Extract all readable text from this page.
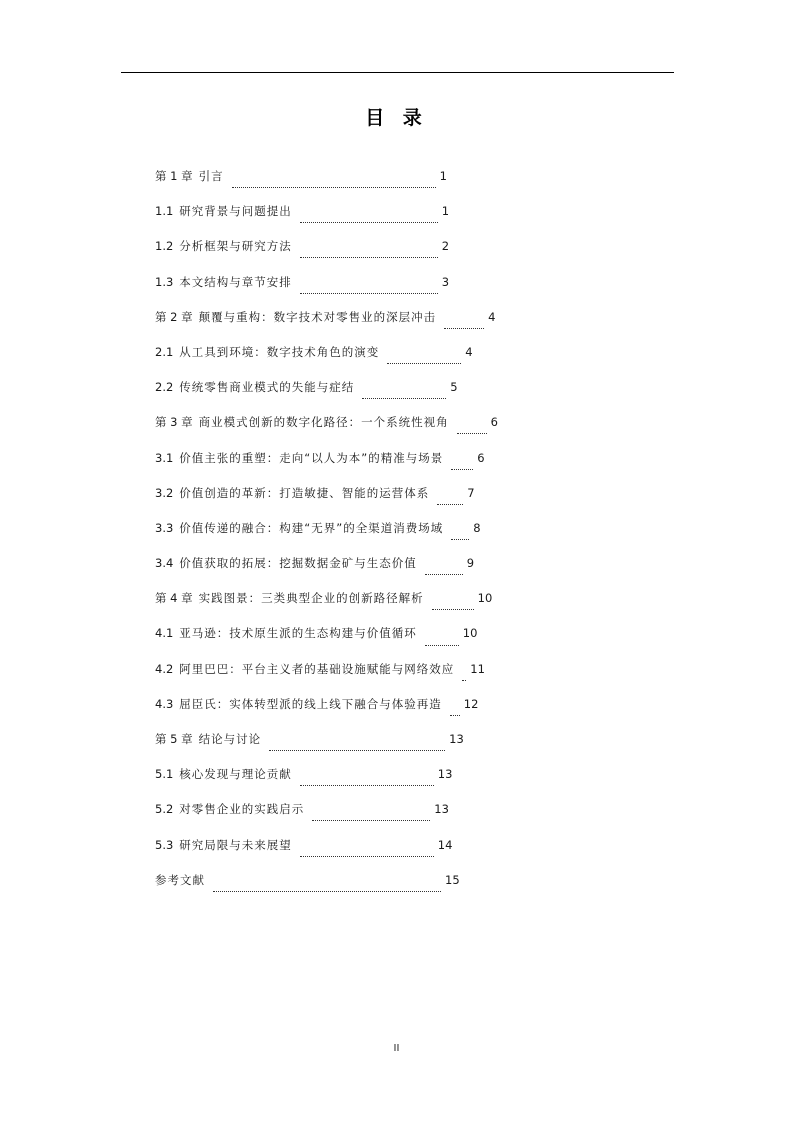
目 录
第 1 章 引言	1
1.1 研究背景与问题提出	1
1.2 分析框架与研究方法	2
1.3 本文结构与章节安排	3
第 2 章 颠覆与重构：数字技术对零售业的深层冲击	4
2.1 从工具到环境：数字技术角色的演变	4
2.2 传统零售商业模式的失能与症结	5
第 3 章 商业模式创新的数字化路径：一个系统性视角	6
3.1 价值主张的重塑：走向“以人为本”的精准与场景	6
3.2 价值创造的革新：打造敏捷、智能的运营体系	7
3.3 价值传递的融合：构建“无界”的全渠道消费场域	8
3.4 价值获取的拓展：挖掘数据金矿与生态价值	9
第 4 章 实践图景：三类典型企业的创新路径解析	10
4.1 亚马逊：技术原生派的生态构建与价值循环	10
4.2 阿里巴巴：平台主义者的基础设施赋能与网络效应 11
4.3 屈臣氏：实体转型派的线上线下融合与体验再造 12
第 5 章 结论与讨论	13
5.1 核心发现与理论贡献	13
5.2 对零售企业的实践启示	13
5.3 研究局限与未来展望	14
参考文献	15
II
